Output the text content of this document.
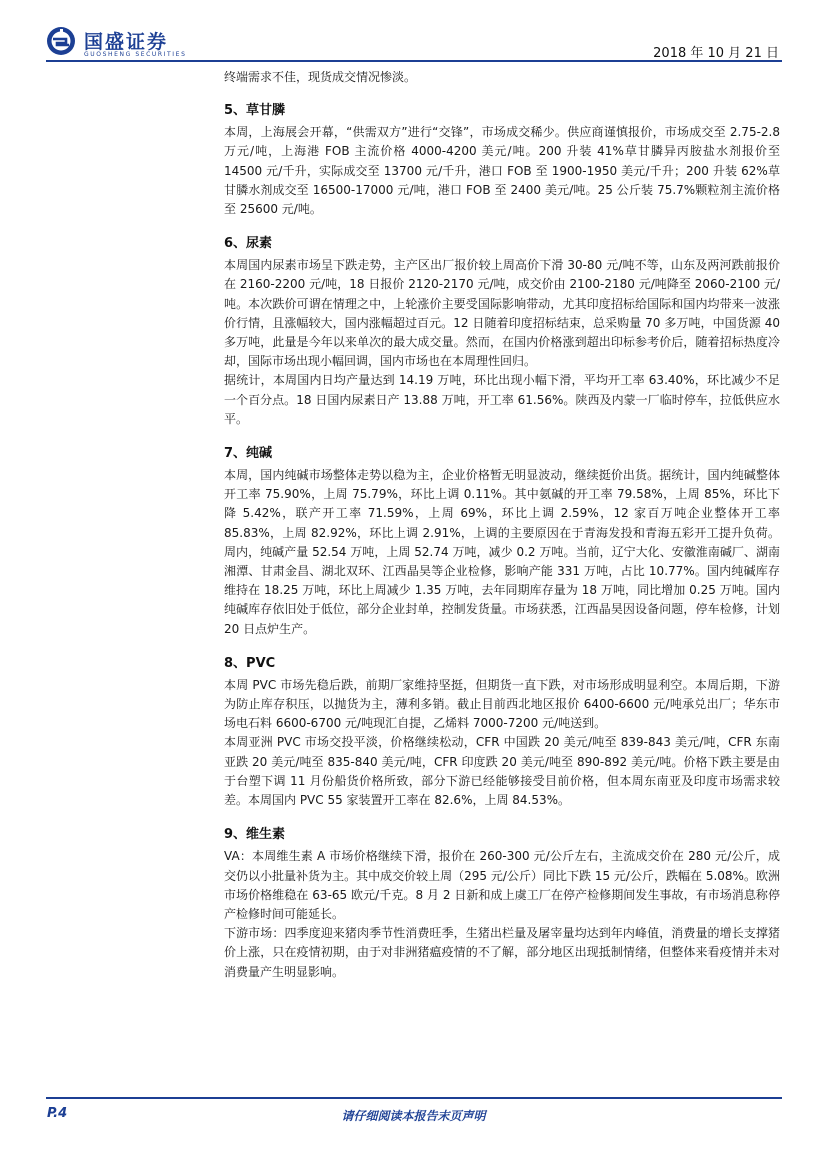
国盛证券
GUOSHENG SECURITIES	2018 年 10 月 21 日

终端需求不佳，现货成交情况惨淡。

5、草甘膦

本周，上海展会开幕，“供需双方”进行“交锋”，市场成交稀少。供应商谨慎报价，市场成交至 2.75-2.8 万元/吨，上海港 FOB 主流价格 4000-4200 美元/吨。200 升装 41%草甘膦异丙胺盐水剂报价至 14500 元/千升，实际成交至 13700 元/千升，港口 FOB 至 1900-1950 美元/千升；200 升装 62%草甘膦水剂成交至 16500-17000 元/吨，港口 FOB 至 2400 美元/吨。25 公斤装 75.7%颗粒剂主流价格至 25600 元/吨。

6、尿素

本周国内尿素市场呈下跌走势，主产区出厂报价较上周高价下滑 30-80 元/吨不等，山东及两河跌前报价在 2160-2200 元/吨，18 日报价 2120-2170 元/吨，成交价由 2100-2180 元/吨降至 2060-2100 元/吨。本次跌价可谓在情理之中，上轮涨价主要受国际影响带动，尤其印度招标给国际和国内均带来一波涨价行情，且涨幅较大，国内涨幅超过百元。12 日随着印度招标结束，总采购量 70 多万吨，中国货源 40 多万吨，此量是今年以来单次的最大成交量。然而，在国内价格涨到超出印标参考价后，随着招标热度冷却，国际市场出现小幅回调，国内市场也在本周理性回归。

据统计，本周国内日均产量达到 14.19 万吨，环比出现小幅下滑，平均开工率 63.40%，环比减少不足一个百分点。18 日国内尿素日产 13.88 万吨，开工率 61.56%。陕西及内蒙一厂临时停车，拉低供应水平。

7、纯碱

本周，国内纯碱市场整体走势以稳为主，企业价格暂无明显波动，继续挺价出货。据统计，国内纯碱整体开工率 75.90%，上周 75.79%，环比上调 0.11%。其中氨碱的开工率 79.58%，上周 85%，环比下降 5.42%，联产开工率 71.59%，上周 69%，环比上调 2.59%，12 家百万吨企业整体开工率 85.83%，上周 82.92%，环比上调 2.91%，上调的主要原因在于青海发投和青海五彩开工提升负荷。周内，纯碱产量 52.54 万吨，上周 52.74 万吨，减少 0.2 万吨。当前，辽宁大化、安徽淮南碱厂、湖南湘潭、甘肃金昌、湖北双环、江西晶昊等企业检修，影响产能 331 万吨，占比 10.77%。国内纯碱库存维持在 18.25 万吨，环比上周减少 1.35 万吨，去年同期库存量为 18 万吨，同比增加 0.25 万吨。国内纯碱库存依旧处于低位，部分企业封单，控制发货量。市场获悉，江西晶昊因设备问题，停车检修，计划 20 日点炉生产。

8、PVC

本周 PVC 市场先稳后跌，前期厂家维持坚挺，但期货一直下跌，对市场形成明显利空。本周后期，下游为防止库存积压，以抛货为主，薄利多销。截止目前西北地区报价 6400-6600 元/吨承兑出厂；华东市场电石料 6600-6700 元/吨现汇自提，乙烯料 7000-7200 元/吨送到。

本周亚洲 PVC 市场交投平淡，价格继续松动，CFR 中国跌 20 美元/吨至 839-843 美元/吨，CFR 东南亚跌 20 美元/吨至 835-840 美元/吨，CFR 印度跌 20 美元/吨至 890-892 美元/吨。价格下跌主要是由于台塑下调 11 月份船货价格所致，部分下游已经能够接受目前价格，但本周东南亚及印度市场需求较差。本周国内 PVC 55 家装置开工率在 82.6%，上周 84.53%。

9、维生素

VA：本周维生素 A 市场价格继续下滑，报价在 260-300 元/公斤左右，主流成交价在 280 元/公斤，成交仍以小批量补货为主。其中成交价较上周（295 元/公斤）同比下跌 15 元/公斤，跌幅在 5.08%。欧洲市场价格维稳在 63-65 欧元/千克。8 月 2 日新和成上虞工厂在停产检修期间发生事故，有市场消息称停产检修时间可能延长。

下游市场：四季度迎来猪肉季节性消费旺季，生猪出栏量及屠宰量均达到年内峰值，消费量的增长支撑猪价上涨，只在疫情初期，由于对非洲猪瘟疫情的不了解，部分地区出现抵制情绪，但整体来看疫情并未对消费量产生明显影响。

P.4	请仔细阅读本报告末页声明
